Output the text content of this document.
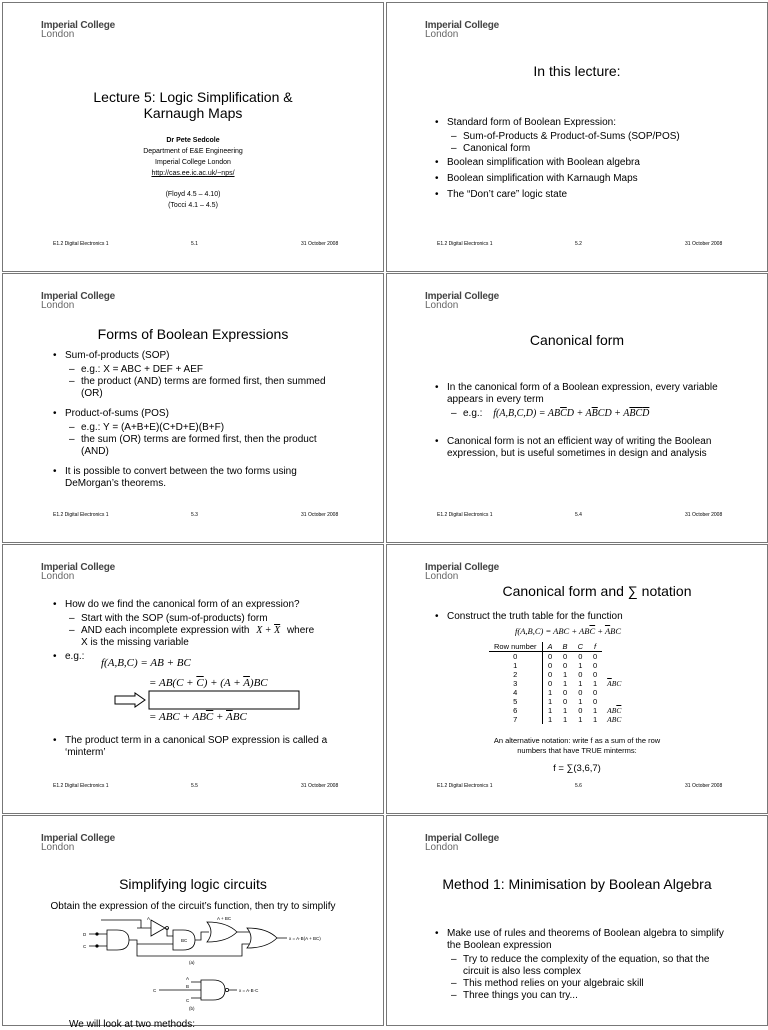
Imperial College
London
Lecture 5: Logic Simplification &
Karnaugh Maps
Dr Pete Sedcole
Department of E&E Engineering
Imperial College London
http://cas.ee.ic.ac.uk/~nps/
(Floyd 4.5 – 4.10)
(Tocci 4.1 – 4.5)
E1.2 Digital Electronics 1	5.1	31 October 2008
Imperial College
London
In this lecture:
• Standard form of Boolean Expression:
– Sum-of-Products & Product-of-Sums (SOP/POS)
– Canonical form
• Boolean simplification with Boolean algebra
• Boolean simplification with Karnaugh Maps
• The “Don’t care” logic state
E1.2 Digital Electronics 1	5.2	31 October 2008
Imperial College
London
Forms of Boolean Expressions
• Sum-of-products (SOP)
– e.g.: X = ABC + DEF + AEF
– the product (AND) terms are formed first, then summed (OR)
• Product-of-sums (POS)
– e.g.: Y = (A+B+E)(C+D+E)(B+F)
– the sum (OR) terms are formed first, then the product (AND)
• It is possible to convert between the two forms using DeMorgan’s theorems.
E1.2 Digital Electronics 1	5.3	31 October 2008
Imperial College
London
Canonical form
• In the canonical form of a Boolean expression, every variable appears in every term
– e.g.: $f(A,B,C,D) = AB\overline{C}D + A\overline{B}CD + A\overline{B}\overline{C}\overline{D}$
• Canonical form is not an efficient way of writing the Boolean expression, but is useful sometimes in design and analysis
E1.2 Digital Electronics 1	5.4	31 October 2008
Imperial College
London
• How do we find the canonical form of an expression?
– Start with the SOP (sum-of-products) form
– AND each incomplete expression with $X + \overline{X}$ where
X is the missing variable
• e.g.:
f(A,B,C) = AB + BC
= $AB(C + \overline{C}) + (A + \overline{A})BC$
= ABC + $AB\overline{C} + \overline{A}BC$
• The product term in a canonical SOP expression is called a ‘minterm’
E1.2 Digital Electronics 1	5.5	31 October 2008
Imperial College
London
Canonical form and ∑ notation
• Construct the truth table for the function
f(A,B,C) = ABC + $AB\overline{C} + \overline{A}BC$
Row number	A	B	C	f	
0	0	0	0	0	
1	0	0	1	0	
2	0	1	0	0	
3	0	1	1	1	$\overline{A}BC$
4	1	0	0	0	
5	1	0	1	0	
6	1	1	0	1	$AB\overline{C}$
7	1	1	1	1	ABC
An alternative notation: write f as a sum of the row
numbers that have TRUE minterms:
f = ∑(3,6,7)
E1.2 Digital Electronics 1	5.6	31 October 2008
Imperial College
London
Simplifying logic circuits
Obtain the expression of the circuit’s function, then try to simplify
D
C
A
BC
A + BC
x = A·B(A + BC)
C
A
B
C
x = A·B·C
(a)
(b)
We will look at two methods:
Imperial College
London
Method 1: Minimisation by Boolean Algebra
• Make use of rules and theorems of Boolean algebra to simplify the Boolean expression
– Try to reduce the complexity of the equation, so that the circuit is also less complex
– This method relies on your algebraic skill
– Three things you can try...
